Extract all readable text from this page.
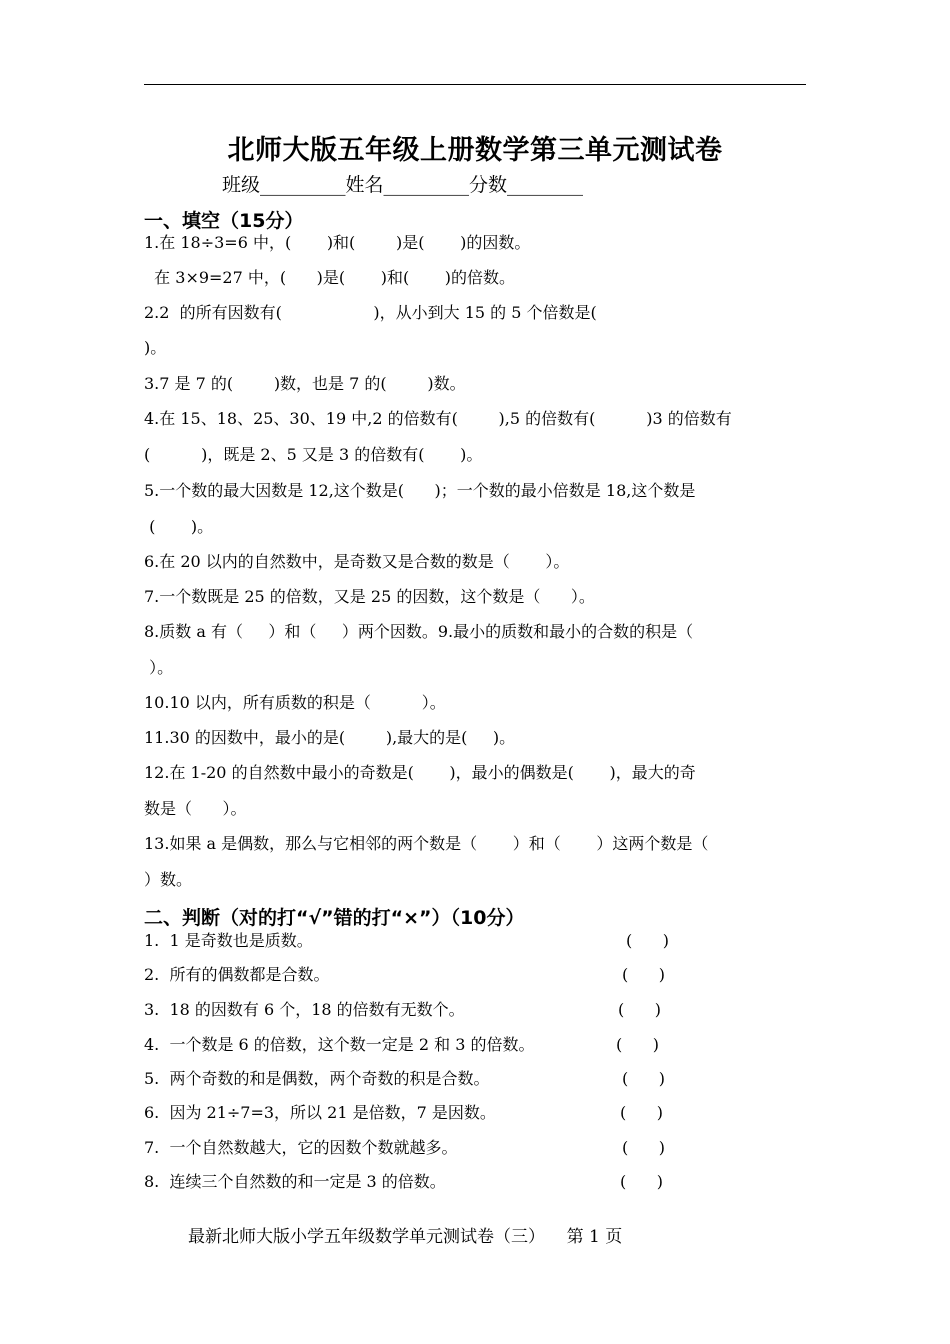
北师大版五年级上册数学第三单元测试卷
班级_________姓名_________分数________
一、填空（15分）
1.在 18÷3=6 中，(       )和(        )是(       )的因数。
在 3×9=27 中，(      )是(       )和(       )的倍数。
2.2  的所有因数有(                  )，从小到大 15 的 5 个倍数是(
)。
3.7 是 7 的(        )数，也是 7 的(        )数。
4.在 15、18、25、30、19 中,2 的倍数有(        ),5 的倍数有(          )3 的倍数有
(          )，既是 2、5 又是 3 的倍数有(       )。
5.一个数的最大因数是 12,这个数是(      )；一个数的最小倍数是 18,这个数是
(       )。
6.在 20 以内的自然数中，是奇数又是合数的数是（       ）。
7.一个数既是 25 的倍数，又是 25 的因数，这个数是（      ）。
8.质数 a 有（     ）和（     ）两个因数。9.最小的质数和最小的合数的积是（
）。
10.10 以内，所有质数的积是（          ）。
11.30 的因数中，最小的是(        ),最大的是(     )。
12.在 1-20 的自然数中最小的奇数是(       )，最小的偶数是(       )，最大的奇
数是（      ）。
13.如果 a 是偶数，那么与它相邻的两个数是（       ）和（       ）这两个数是（
）数。
二、判断（对的打“√”错的打“×”）（10分）
1.  1 是奇数也是质数。	(      )
2.  所有的偶数都是合数。	(      )
3.  18 的因数有 6 个，18 的倍数有无数个。	(      )
4.  一个数是 6 的倍数，这个数一定是 2 和 3 的倍数。	(      )
5.  两个奇数的和是偶数，两个奇数的积是合数。	(      )
6.  因为 21÷7=3，所以 21 是倍数，7 是因数。	(      )
7.  一个自然数越大，它的因数个数就越多。	(      )
8.  连续三个自然数的和一定是 3 的倍数。	(      )
最新北师大版小学五年级数学单元测试卷（三）    第 1 页
